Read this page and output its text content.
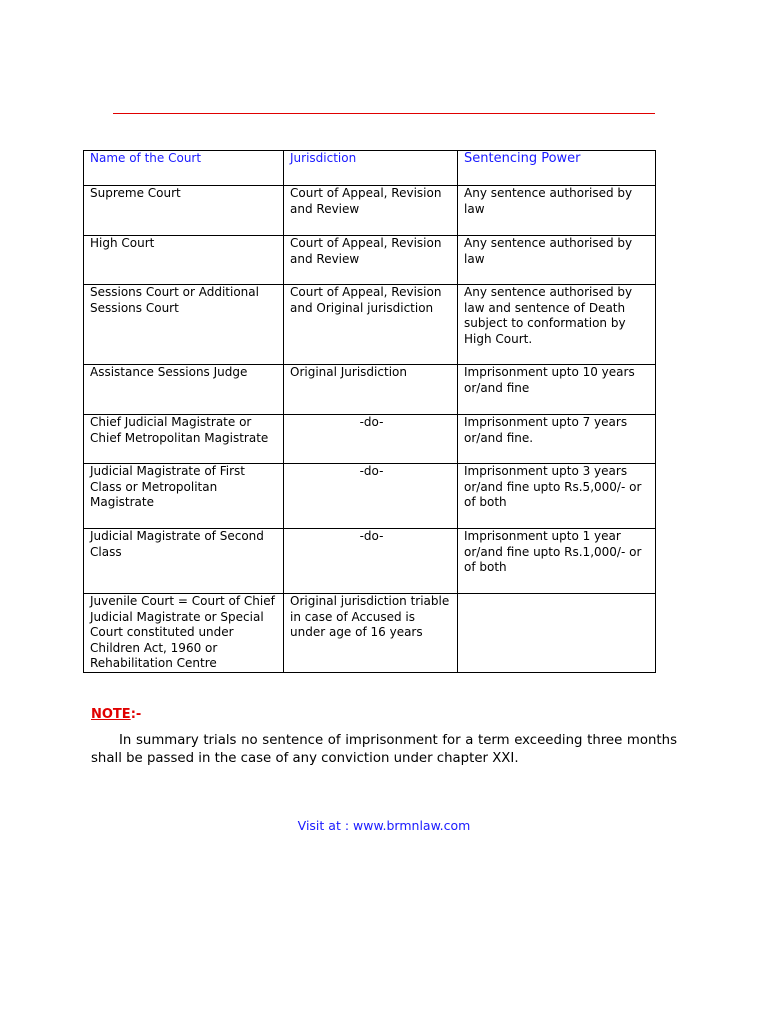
Name of the Court	Jurisdiction	Sentencing Power
Supreme Court	Court of Appeal, Revision and Review	Any sentence authorised by law
High Court	Court of Appeal, Revision and Review	Any sentence authorised by law
Sessions Court or Additional Sessions Court	Court of Appeal, Revision and Original jurisdiction	Any sentence authorised by law and sentence of Death subject to conformation by High Court.
Assistance Sessions Judge	Original Jurisdiction	Imprisonment upto 10 years or/and fine
Chief Judicial Magistrate or Chief Metropolitan Magistrate	-do-	Imprisonment upto 7 years or/and fine.
Judicial Magistrate of First Class or Metropolitan Magistrate	-do-	Imprisonment upto 3 years or/and fine upto Rs.5,000/- or of both
Judicial Magistrate of Second Class	-do-	Imprisonment upto 1 year or/and fine upto Rs.1,000/- or of both
Juvenile Court = Court of Chief Judicial Magistrate or Special Court constituted under Children Act, 1960 or Rehabilitation Centre	Original jurisdiction triable in case of Accused is under age of 16 years	
NOTE:-
In summary trials no sentence of imprisonment for a term exceeding three months shall be passed in the case of any conviction under chapter XXI.
Visit at : www.brmnlaw.com
